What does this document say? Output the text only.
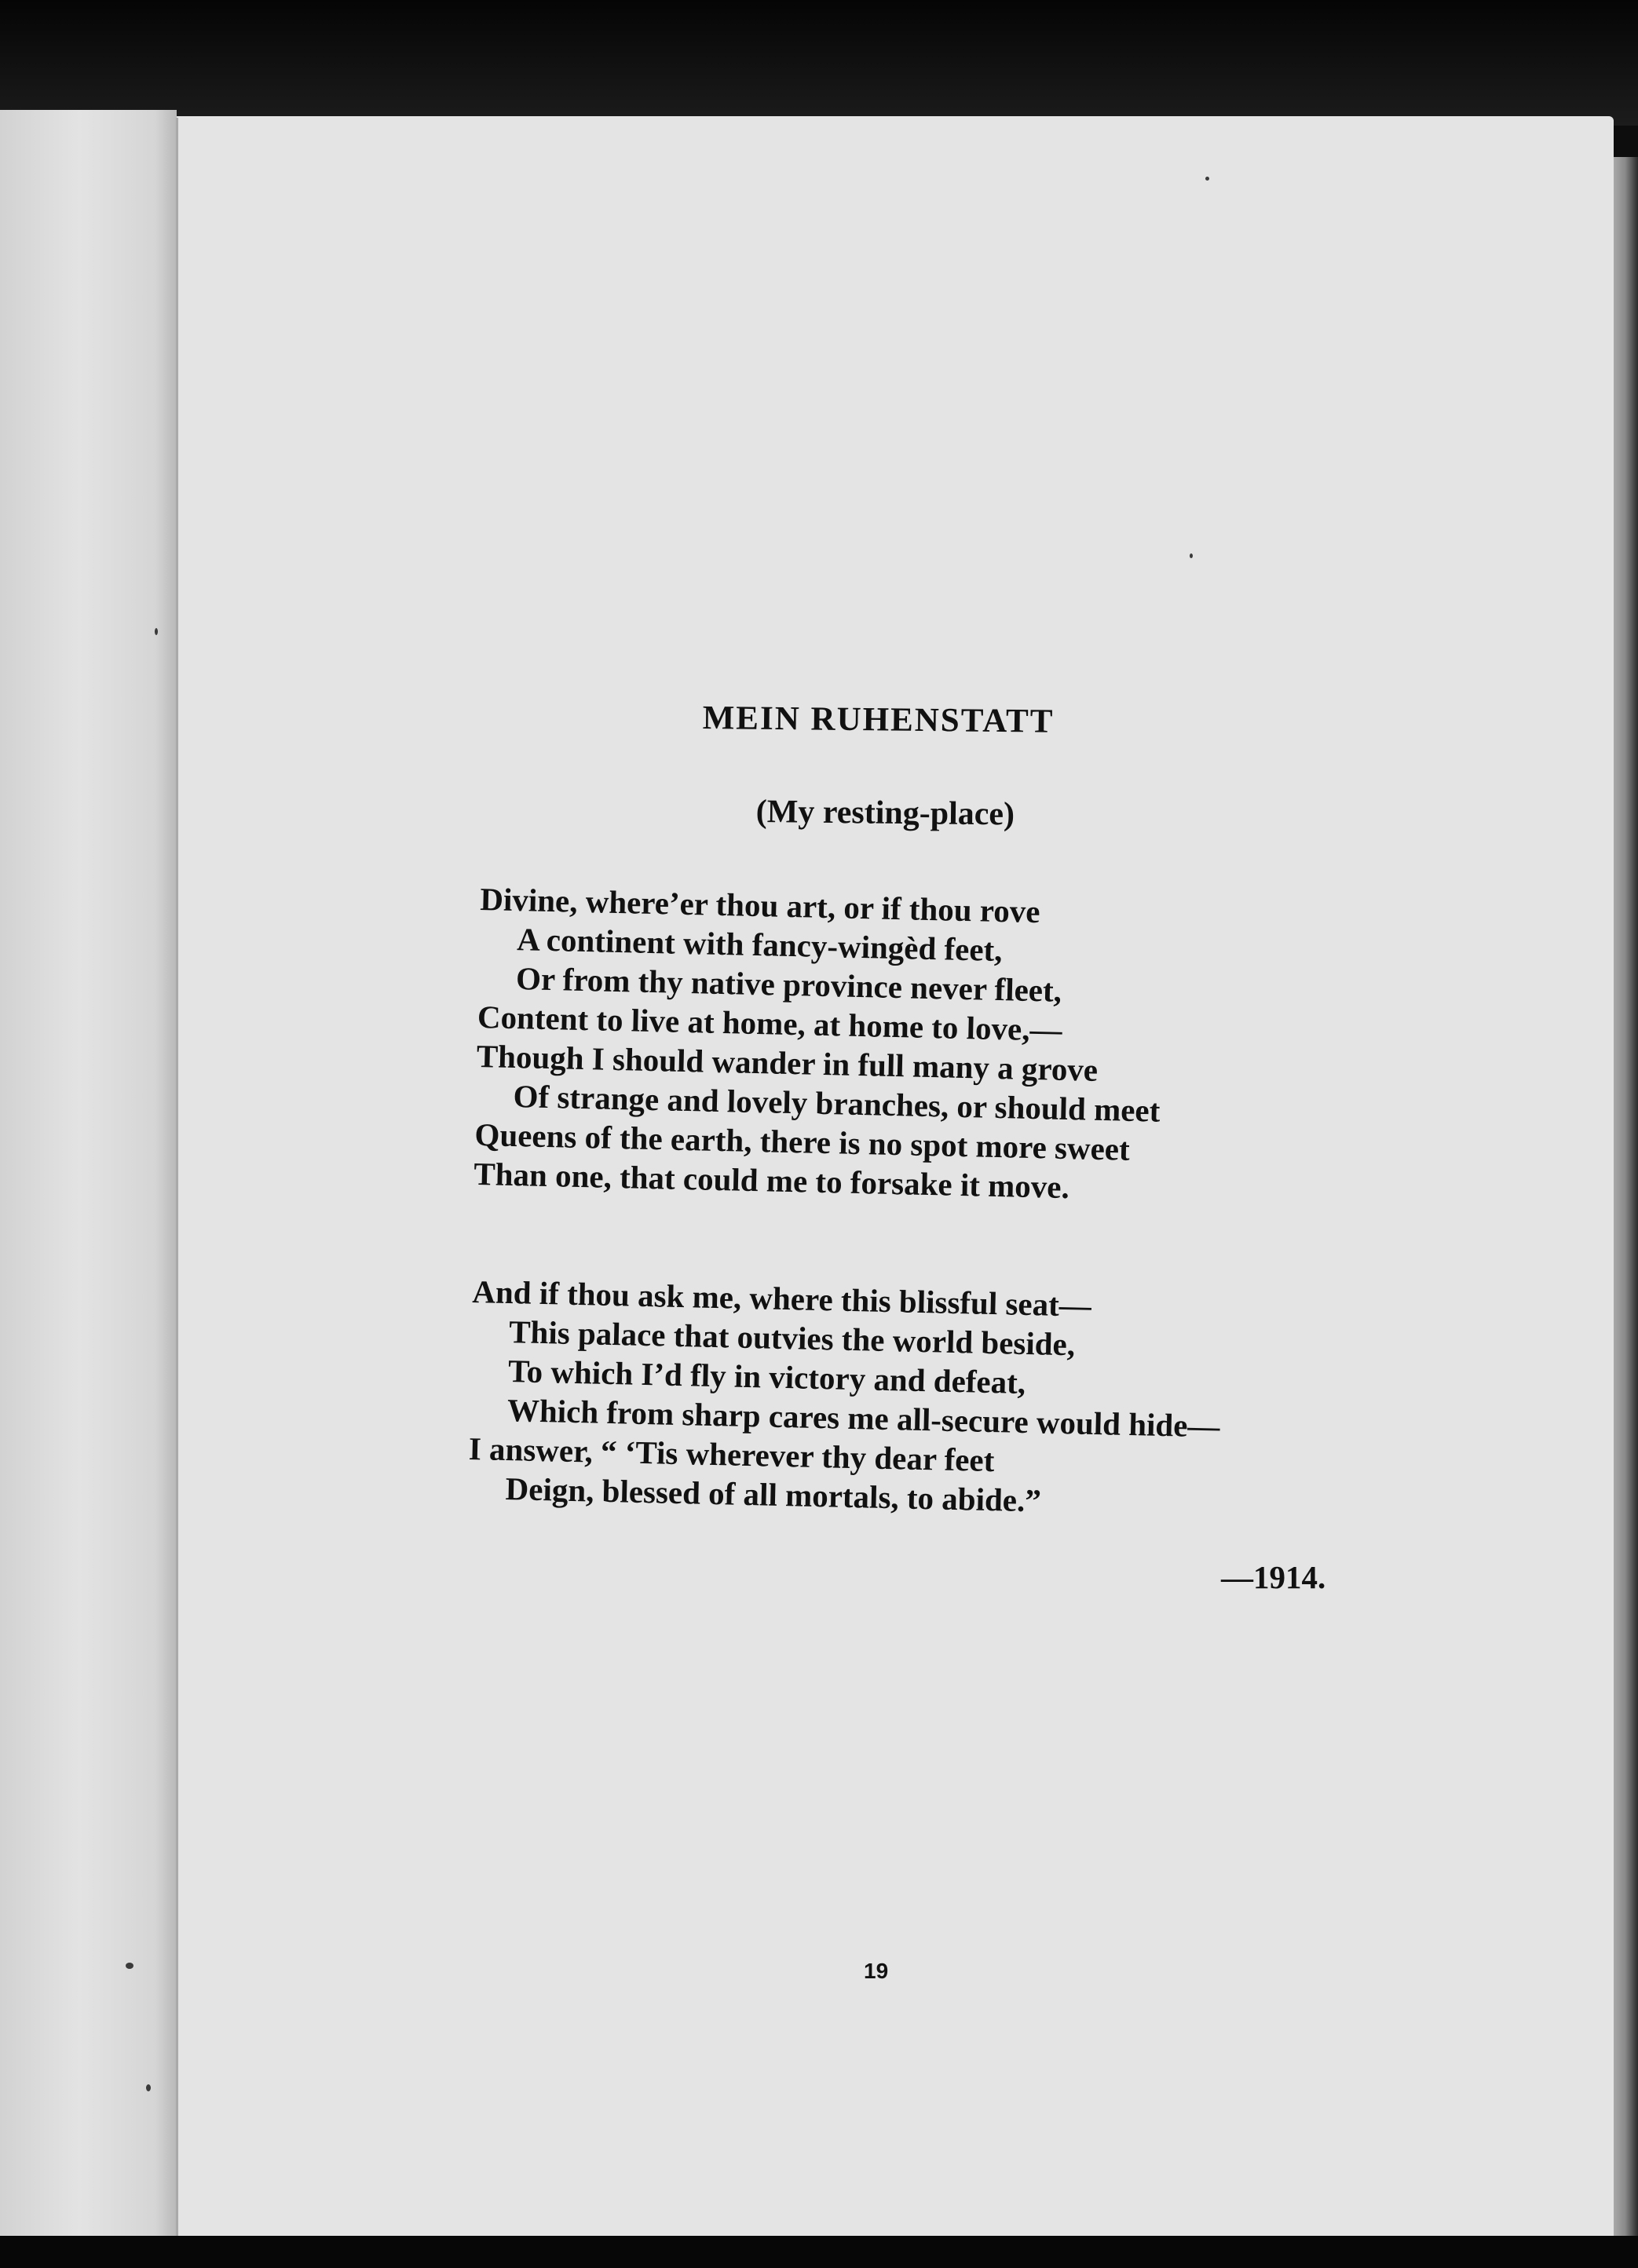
MEIN RUHENSTATT
(My resting-place)
Divine, where’er thou art, or if thou rove
A continent with fancy-wingèd feet,
Or from thy native province never fleet,
Content to live at home, at home to love,—
Though I should wander in full many a grove
Of strange and lovely branches, or should meet
Queens of the earth, there is no spot more sweet
Than one, that could me to forsake it move.
And if thou ask me, where this blissful seat—
This palace that outvies the world beside,
To which I’d fly in victory and defeat,
Which from sharp cares me all-secure would hide—
I answer, “ ‘Tis wherever thy dear feet
Deign, blessed of all mortals, to abide.”
—1914.
19
